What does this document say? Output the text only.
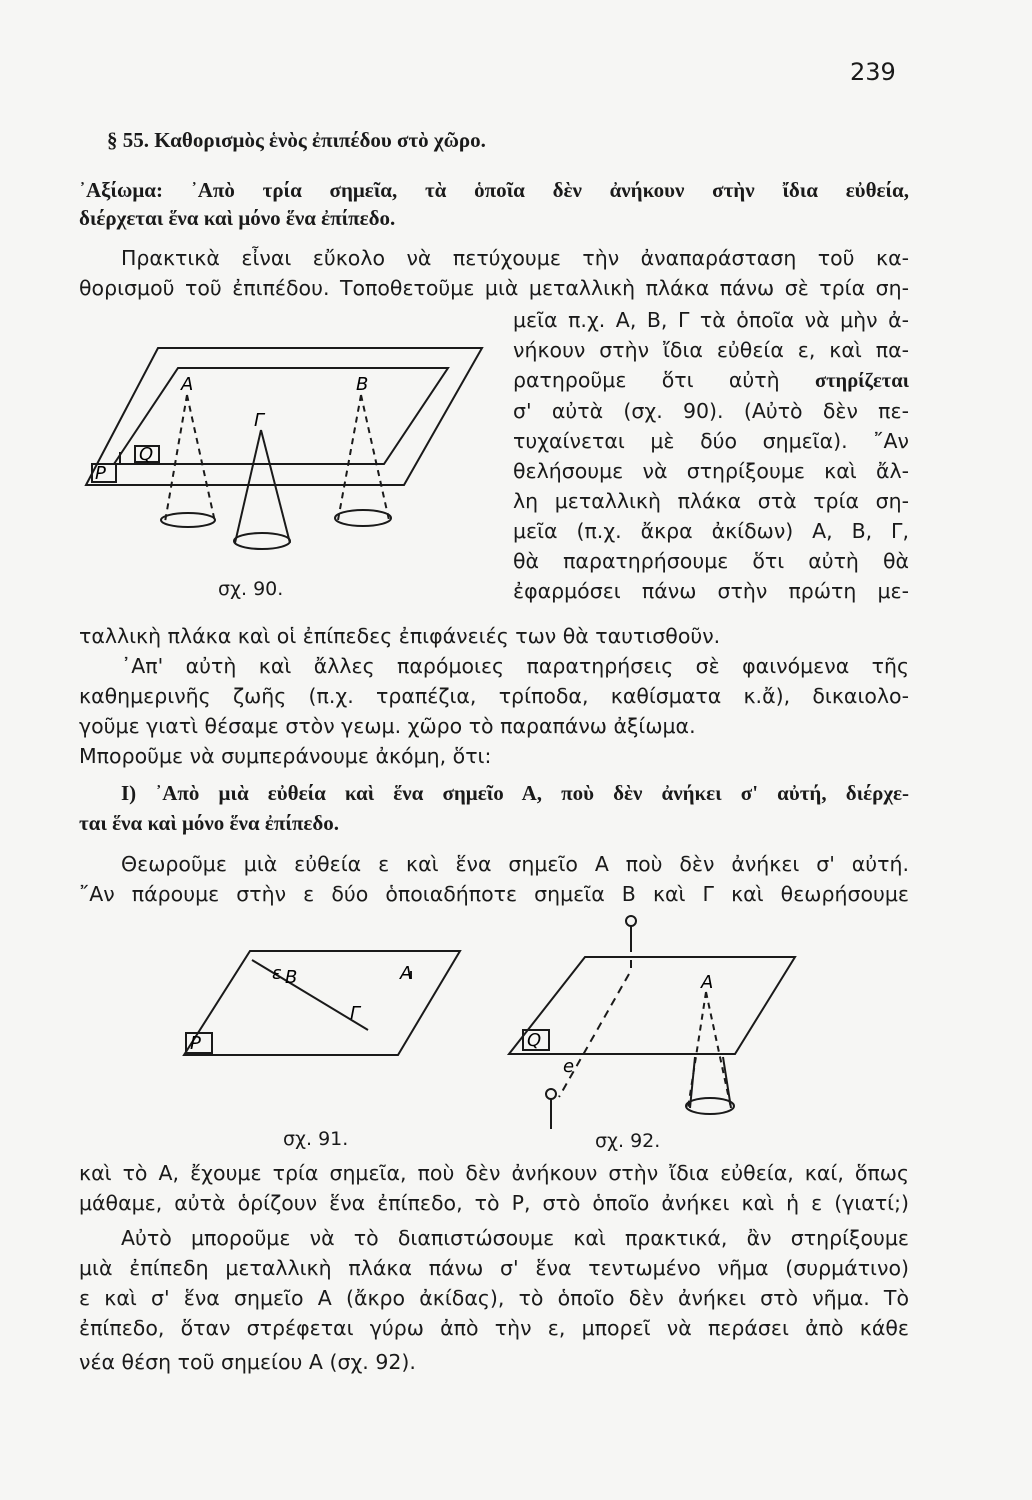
239
§ 55. Καθορισμὸς ἑνὸς ἐπιπέδου στὸ χῶρο.
᾿Αξίωμα: ᾿Απὸ τρία σημεῖα, τὰ ὁποῖα δὲν ἀνήκουν στὴν ἴδια εὐθεία,
διέρχεται ἕνα καὶ μόνο ἕνα ἐπίπεδο.
Πρακτικὰ εἶναι εὔκολο νὰ πετύχουμε τὴν ἀναπαράσταση τοῦ κα-
θορισμοῦ τοῦ ἐπιπέδου. Τοποθετοῦμε μιὰ μεταλλικὴ πλάκα πάνω σὲ τρία ση-
μεῖα π.χ. Α, Β, Γ τὰ ὁποῖα νὰ μὴν ἀ-
νήκουν στὴν ἴδια εὐθεία ε, καὶ πα-
ρατηροῦμε ὅτι αὐτὴ στηρίζεται
σ' αὐτὰ (σχ. 90). (Αὐτὸ δὲν πε-
τυχαίνεται μὲ δύο σημεῖα). ῎Αν
θελήσουμε νὰ στηρίξουμε καὶ ἄλ-
λη μεταλλικὴ πλάκα στὰ τρία ση-
μεῖα (π.χ. ἄκρα ἀκίδων) Α, Β, Γ,
θὰ παρατηρήσουμε ὅτι αὐτὴ θὰ
ἐφαρμόσει πάνω στὴν πρώτη με-
ταλλικὴ πλάκα καὶ οἱ ἐπίπεδες ἐπιφάνειές των θὰ ταυτισθοῦν.
A	B
Γ
P
Q
σχ. 90.
᾿Απ' αὐτὴ καὶ ἄλλες παρόμοιες παρατηρήσεις σὲ φαινόμενα τῆς
καθημερινῆς ζωῆς (π.χ. τραπέζια, τρίποδα, καθίσματα κ.ἄ), δικαιολο-
γοῦμε γιατὶ θέσαμε στὸν γεωμ. χῶρο τὸ παραπάνω ἀξίωμα.
Μποροῦμε νὰ συμπεράνουμε ἀκόμη, ὅτι:
I) ᾿Απὸ μιὰ εὐθεία καὶ ἕνα σημεῖο Α, ποὺ δὲν ἀνήκει σ' αὐτή, διέρχε-
ται ἕνα καὶ μόνο ἕνα ἐπίπεδο.
Θεωροῦμε μιὰ εὐθεία ε καὶ ἕνα σημεῖο Α ποὺ δὲν ἀνήκει σ' αὐτή.
῎Αν πάρουμε στὴν ε δύο ὁποιαδήποτε σημεῖα Β καὶ Γ καὶ θεωρήσουμε
ε B	A
Γ
P
σχ. 91.
A
e
Q
σχ. 92.
καὶ τὸ Α, ἔχουμε τρία σημεῖα, ποὺ δὲν ἀνήκουν στὴν ἴδια εὐθεία, καί, ὅπως
μάθαμε, αὐτὰ ὁρίζουν ἕνα ἐπίπεδο, τὸ Ρ, στὸ ὁποῖο ἀνήκει καὶ ἡ ε (γιατί;)
Αὐτὸ μποροῦμε νὰ τὸ διαπιστώσουμε καὶ πρακτικά, ἂν στηρίξουμε
μιὰ ἐπίπεδη μεταλλικὴ πλάκα πάνω σ' ἕνα τεντωμένο νῆμα (συρμάτινο)
ε καὶ σ' ἕνα σημεῖο Α (ἄκρο ἀκίδας), τὸ ὁποῖο δὲν ἀνήκει στὸ νῆμα. Τὸ
ἐπίπεδο, ὅταν στρέφεται γύρω ἀπὸ τὴν ε, μπορεῖ νὰ περάσει ἀπὸ κάθε
νέα θέση τοῦ σημείου Α (σχ. 92).
